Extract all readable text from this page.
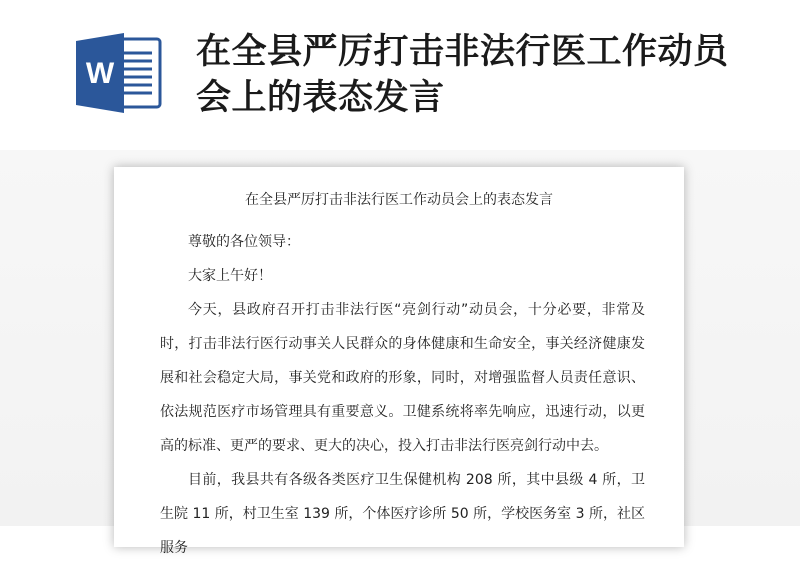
W
在全县严厉打击非法行医工作动员会上的表态发言
在全县严厉打击非法行医工作动员会上的表态发言

尊敬的各位领导：

大家上午好！

今天，县政府召开打击非法行医“亮剑行动”动员会，十分必要，非常及时，打击非法行医行动事关人民群众的身体健康和生命安全，事关经济健康发展和社会稳定大局，事关党和政府的形象，同时，对增强监督人员责任意识、依法规范医疗市场管理具有重要意义。卫健系统将率先响应，迅速行动，以更高的标准、更严的要求、更大的决心，投入打击非法行医亮剑行动中去。

目前，我县共有各级各类医疗卫生保健机构 208 所，其中县级 4 所，卫生院 11 所，村卫生室 139 所，个体医疗诊所 50 所，学校医务室 3 所，社区服务
